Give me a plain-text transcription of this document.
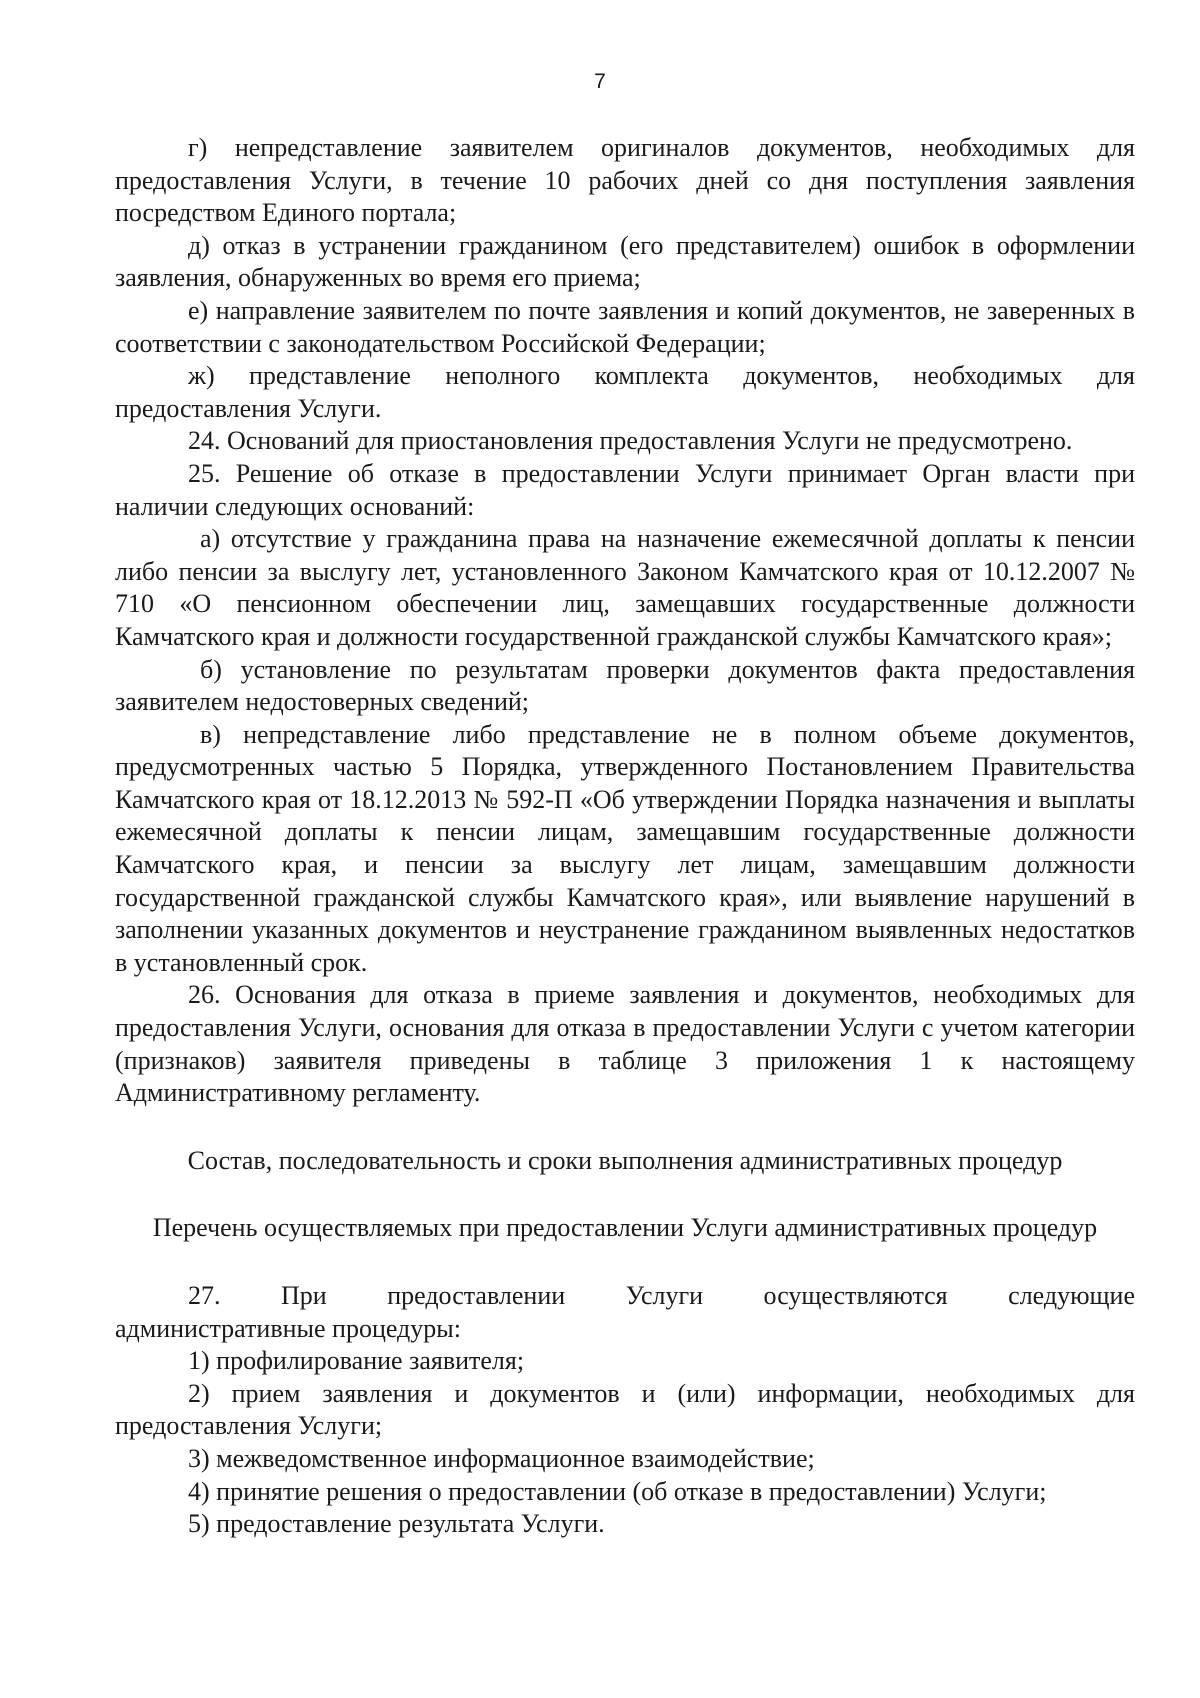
7

г) непредставление заявителем оригиналов документов, необходимых для предоставления Услуги, в течение 10 рабочих дней со дня поступления заявления посредством Единого портала;

д) отказ в устранении гражданином (его представителем) ошибок в оформлении заявления, обнаруженных во время его приема;

е) направление заявителем по почте заявления и копий документов, не заверенных в соответствии с законодательством Российской Федерации;

ж) представление неполного комплекта документов, необходимых для предоставления Услуги.

24. Оснований для приостановления предоставления Услуги не предусмотрено.

25. Решение об отказе в предоставлении Услуги принимает Орган власти при наличии следующих оснований:

а) отсутствие у гражданина права на назначение ежемесячной доплаты к пенсии либо пенсии за выслугу лет, установленного Законом Камчатского края от 10.12.2007 № 710 «О пенсионном обеспечении лиц, замещавших государственные должности Камчатского края и должности государственной гражданской службы Камчатского края»;

б) установление по результатам проверки документов факта предоставления заявителем недостоверных сведений;

в) непредставление либо представление не в полном объеме документов, предусмотренных частью 5 Порядка, утвержденного Постановлением Правительства Камчатского края от 18.12.2013 № 592-П «Об утверждении Порядка назначения и выплаты ежемесячной доплаты к пенсии лицам, замещавшим государственные должности Камчатского края, и пенсии за выслугу лет лицам, замещавшим должности государственной гражданской службы Камчатского края», или выявление нарушений в заполнении указанных документов и неустранение гражданином выявленных недостатков в установленный срок.

26. Основания для отказа в приеме заявления и документов, необходимых для предоставления Услуги, основания для отказа в предоставлении Услуги с учетом категории (признаков) заявителя приведены в таблице 3 приложения 1 к настоящему Административному регламенту.

Состав, последовательность и сроки выполнения административных процедур

Перечень осуществляемых при предоставлении Услуги административных процедур

27. При предоставлении Услуги осуществляются следующие

административные процедуры:

1) профилирование заявителя;

2) прием заявления и документов и (или) информации, необходимых для предоставления Услуги;

3) межведомственное информационное взаимодействие;

4) принятие решения о предоставлении (об отказе в предоставлении) Услуги;

5) предоставление результата Услуги.
